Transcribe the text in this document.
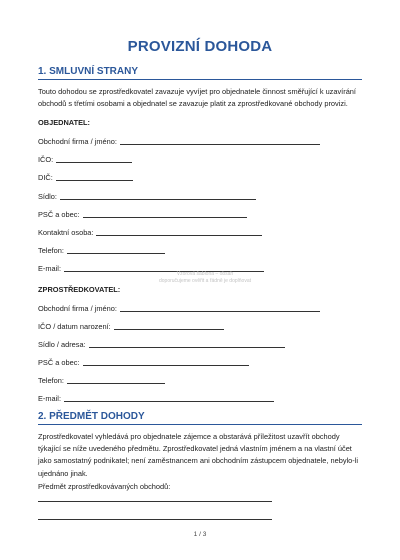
PROVIZNÍ DOHODA
1. SMLUVNÍ STRANY
Touto dohodou se zprostředkovatel zavazuje vyvíjet pro objednatele činnost směřující k uzavírání obchodů s třetími osobami a objednatel se zavazuje platit za zprostředkované obchody provizi.
OBJEDNATEL:
Obchodní firma / jméno:
IČO:
DIČ:
Sídlo:
PSČ a obec:
Kontaktní osoba:
Telefon:
E-mail:
Vzorová šablona – obsah
doporučujeme ověřit a řádně je doplňovat
ZPROSTŘEDKOVATEL:
Obchodní firma / jméno:
IČO / datum narození:
Sídlo / adresa:
PSČ a obec:
Telefon:
E-mail:
2. PŘEDMĚT DOHODY
Zprostředkovatel vyhledává pro objednatele zájemce a obstarává příležitost uzavřít obchody týkající se níže uvedeného předmětu. Zprostředkovatel jedná vlastním jménem a na vlastní účet jako samostatný podnikatel; není zaměstnancem ani obchodním zástupcem objednatele, nebylo-li ujednáno jinak.
Předmět zprostředkovávaných obchodů:
1 / 3
